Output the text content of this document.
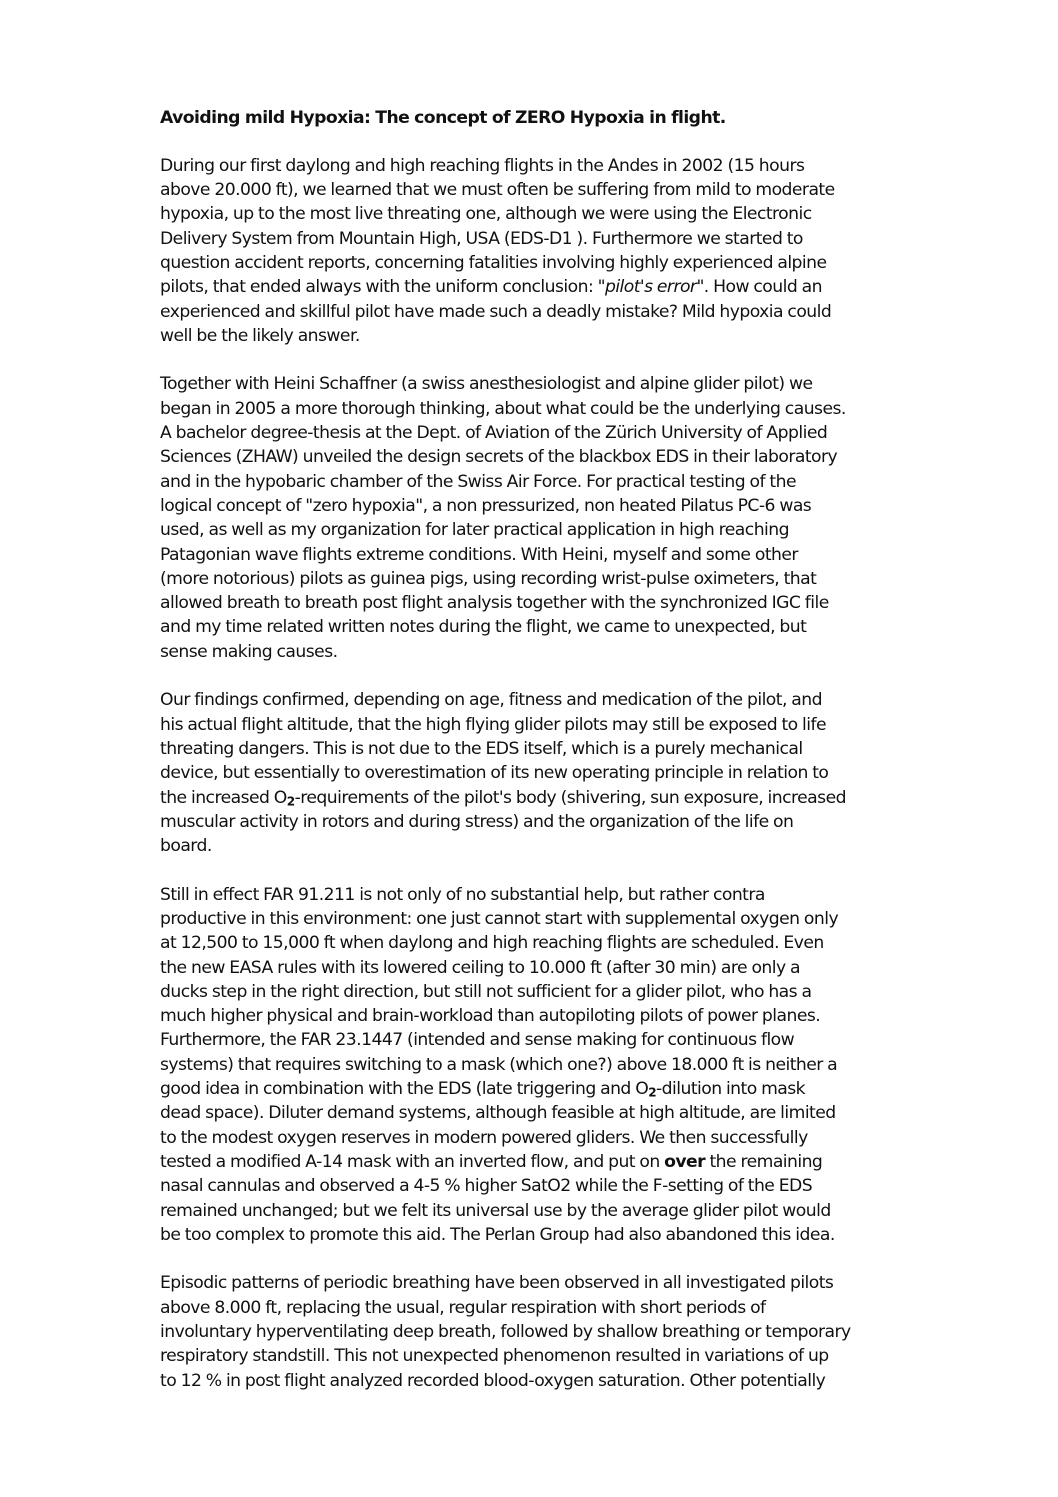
Avoiding mild Hypoxia: The concept of ZERO Hypoxia in flight.
During our first daylong and high reaching flights in the Andes in 2002 (15 hours
above 20.000 ft), we learned that we must often be suffering from mild to moderate
hypoxia, up to the most live threating one, although we were using the Electronic
Delivery System from Mountain High, USA (EDS-D1 ). Furthermore we started to
question accident reports, concerning fatalities involving highly experienced alpine
pilots, that ended always with the uniform conclusion: "pilot's error". How could an
experienced and skillful pilot have made such a deadly mistake? Mild hypoxia could
well be the likely answer.
Together with Heini Schaffner (a swiss anesthesiologist and alpine glider pilot) we
began in 2005 a more thorough thinking, about what could be the underlying causes.
A bachelor degree-thesis at the Dept. of Aviation of the Zürich University of Applied
Sciences (ZHAW) unveiled the design secrets of the blackbox EDS in their laboratory
and in the hypobaric chamber of the Swiss Air Force. For practical testing of the
logical concept of "zero hypoxia", a non pressurized, non heated Pilatus PC-6 was
used, as well as my organization for later practical application in high reaching
Patagonian wave flights extreme conditions. With Heini, myself and some other
(more notorious) pilots as guinea pigs, using recording wrist-pulse oximeters, that
allowed breath to breath post flight analysis together with the synchronized IGC file
and my time related written notes during the flight, we came to unexpected, but
sense making causes.
Our findings confirmed, depending on age, fitness and medication of the pilot, and
his actual flight altitude, that the high flying glider pilots may still be exposed to life
threating dangers. This is not due to the EDS itself, which is a purely mechanical
device, but essentially to overestimation of its new operating principle in relation to
the increased O2-requirements of the pilot's body (shivering, sun exposure, increased
muscular activity in rotors and during stress) and the organization of the life on
board.
Still in effect FAR 91.211 is not only of no substantial help, but rather contra
productive in this environment: one just cannot start with supplemental oxygen only
at 12,500 to 15,000 ft when daylong and high reaching flights are scheduled. Even
the new EASA rules with its lowered ceiling to 10.000 ft (after 30 min) are only a
ducks step in the right direction, but still not sufficient for a glider pilot, who has a
much higher physical and brain-workload than autopiloting pilots of power planes.
Furthermore, the FAR 23.1447 (intended and sense making for continuous flow
systems) that requires switching to a mask (which one?) above 18.000 ft is neither a
good idea in combination with the EDS (late triggering and O2-dilution into mask
dead space). Diluter demand systems, although feasible at high altitude, are limited
to the modest oxygen reserves in modern powered gliders. We then successfully
tested a modified A-14 mask with an inverted flow, and put on over the remaining
nasal cannulas and observed a 4-5 % higher SatO2 while the F-setting of the EDS
remained unchanged; but we felt its universal use by the average glider pilot would
be too complex to promote this aid. The Perlan Group had also abandoned this idea.
Episodic patterns of periodic breathing have been observed in all investigated pilots
above 8.000 ft, replacing the usual, regular respiration with short periods of
involuntary hyperventilating deep breath, followed by shallow breathing or temporary
respiratory standstill. This not unexpected phenomenon resulted in variations of up
to 12 % in post flight analyzed recorded blood-oxygen saturation. Other potentially
